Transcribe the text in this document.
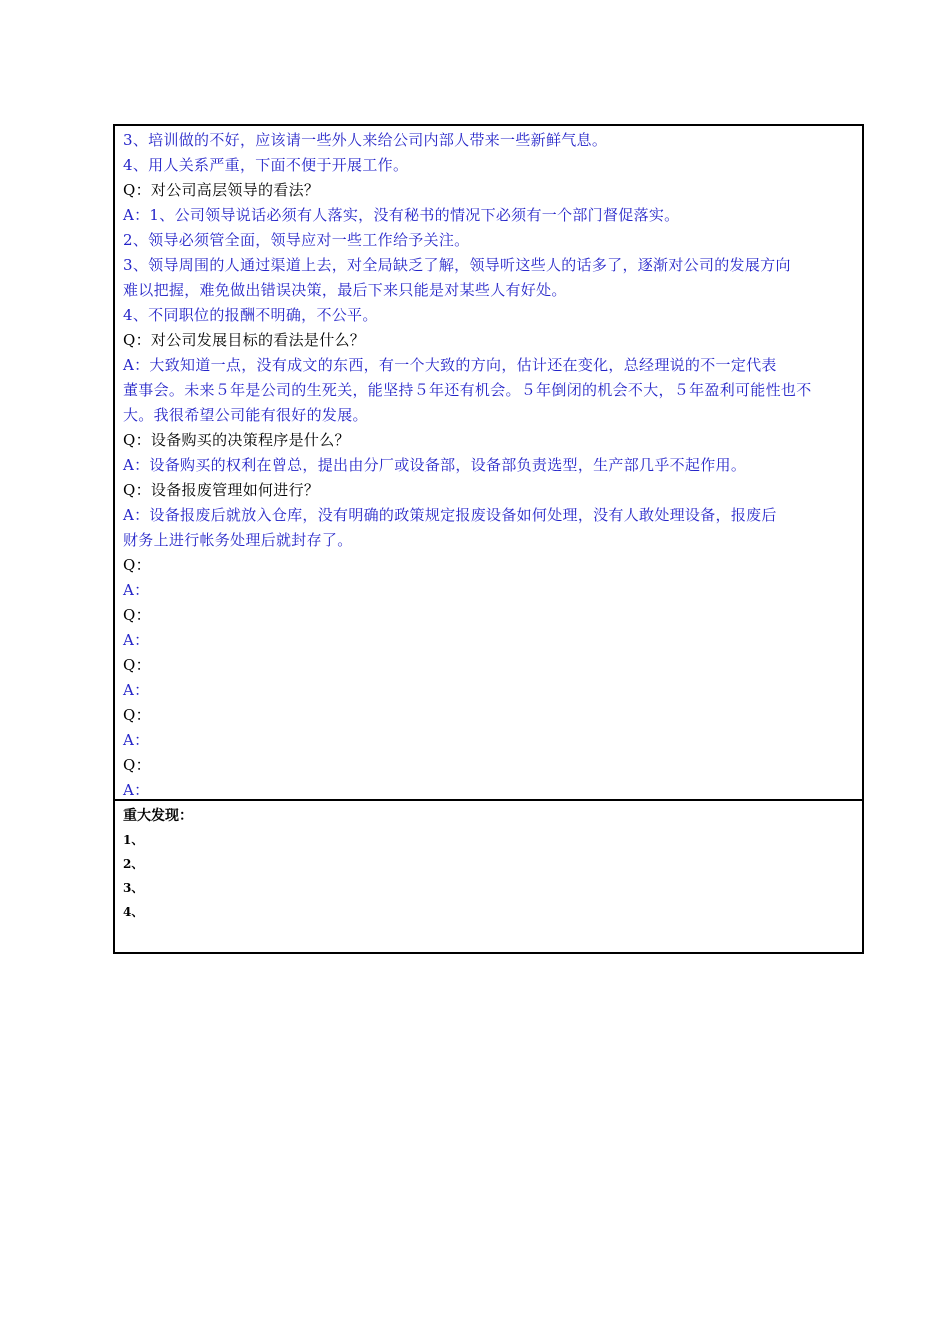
3、培训做的不好，应该请一些外人来给公司内部人带来一些新鲜气息。

4、用人关系严重，下面不便于开展工作。

Q：对公司高层领导的看法？

A：1、公司领导说话必须有人落实，没有秘书的情况下必须有一个部门督促落实。

2、领导必须管全面，领导应对一些工作给予关注。

3、领导周围的人通过渠道上去，对全局缺乏了解，领导听这些人的话多了，逐渐对公司的发展方向

难以把握，难免做出错误决策，最后下来只能是对某些人有好处。

4、不同职位的报酬不明确，不公平。

Q：对公司发展目标的看法是什么？

A：大致知道一点，没有成文的东西，有一个大致的方向，估计还在变化，总经理说的不一定代表

董事会。未来５年是公司的生死关，能坚持５年还有机会。５年倒闭的机会不大，５年盈利可能性也不

大。我很希望公司能有很好的发展。

Q：设备购买的决策程序是什么？

A：设备购买的权利在曾总，提出由分厂或设备部，设备部负责选型，生产部几乎不起作用。

Q：设备报废管理如何进行？

A：设备报废后就放入仓库，没有明确的政策规定报废设备如何处理，没有人敢处理设备，报废后

财务上进行帐务处理后就封存了。

Q：

A：

Q：

A：

Q：

A：

Q：

A：

Q：

A：

重大发现：

1、

2、

3、

4、
